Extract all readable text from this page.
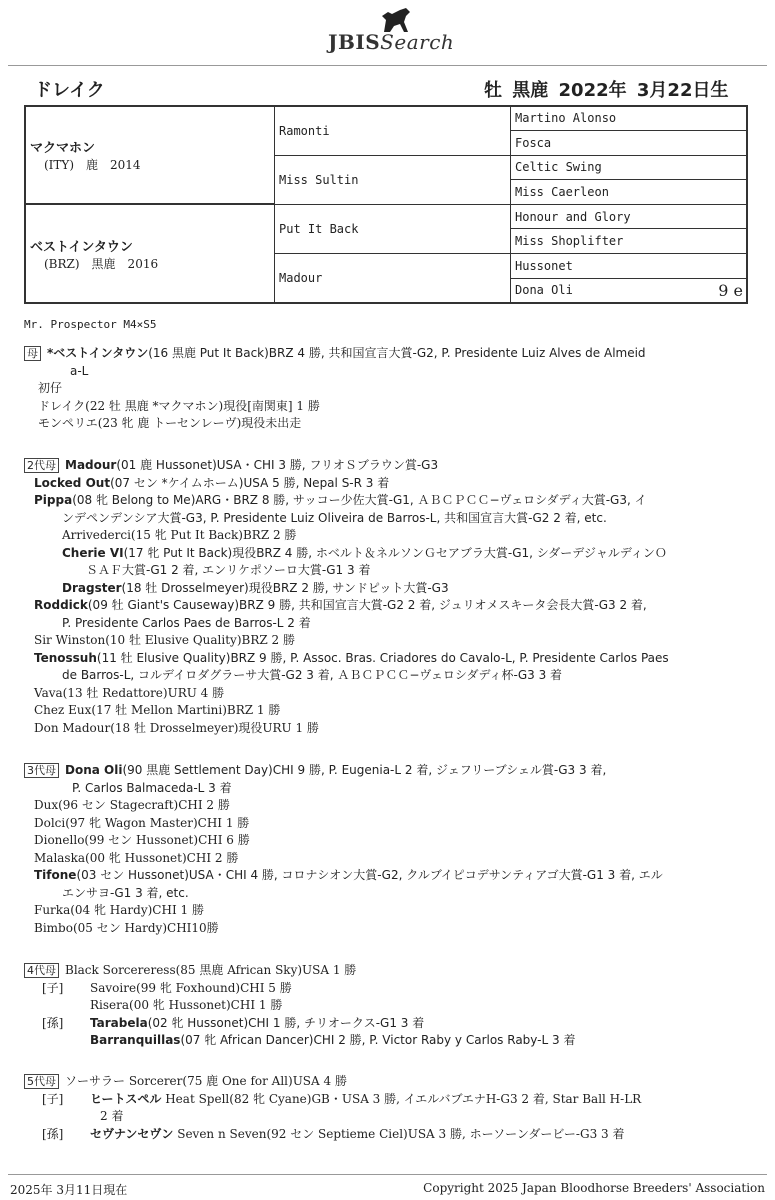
JBISSearch
ドレイク	牡 黒鹿 2022年 3月22日生
マクマホン
(ITY)　鹿　2014	Ramonti	Martino Alonso
		Fosca
	Miss Sultin	Celtic Swing
		Miss Caerleon

ベストインタウン
(BRZ)　黒鹿　2016	Put It Back	Honour and Glory
		Miss Shoplifter
	Madour	Hussonet
		Dona Oli 9 e
Mr. Prospector M4×S5
母 *ベストインタウン(16 黒鹿 Put It Back)BRZ 4 勝, 共和国宣言大賞-G2, P. Presidente Luiz Alves de Almeid
a-L
初仔
ドレイク(22 牡 黒鹿 *マクマホン)現役[南関東] 1 勝
モンペリエ(23 牝 鹿 トーセンレーヴ)現役未出走
2代母 Madour(01 鹿 Hussonet)USA・CHI 3 勝, フリオＳブラウン賞-G3
Locked Out(07 セン *ケイムホーム)USA 5 勝, Nepal S-R 3 着
Pippa(08 牝 Belong to Me)ARG・BRZ 8 勝, サッコー少佐大賞-G1, ＡＢＣＰＣＣ−ヴェロシダディ大賞-G3, イ
ンデペンデンシア大賞-G3, P. Presidente Luiz Oliveira de Barros-L, 共和国宣言大賞-G2 2 着, etc.
Arrivederci(15 牝 Put It Back)BRZ 2 勝
Cherie VI(17 牝 Put It Back)現役BRZ 4 勝, ホベルト＆ネルソンＧセアブラ大賞-G1, シダーデジャルディンＯ
ＳＡＦ大賞-G1 2 着, エンリケポソーロ大賞-G1 3 着
Dragster(18 牡 Drosselmeyer)現役BRZ 2 勝, サンドピット大賞-G3
Roddick(09 牡 Giant's Causeway)BRZ 9 勝, 共和国宣言大賞-G2 2 着, ジュリオメスキータ会長大賞-G3 2 着,
P. Presidente Carlos Paes de Barros-L 2 着
Sir Winston(10 牡 Elusive Quality)BRZ 2 勝
Tenossuh(11 牡 Elusive Quality)BRZ 9 勝, P. Assoc. Bras. Criadores do Cavalo-L, P. Presidente Carlos Paes
de Barros-L, コルデイロダグラーサ大賞-G2 3 着, ＡＢＣＰＣＣ−ヴェロシダディ杯-G3 3 着
Vava(13 牡 Redattore)URU 4 勝
Chez Eux(17 牡 Mellon Martini)BRZ 1 勝
Don Madour(18 牡 Drosselmeyer)現役URU 1 勝
3代母 Dona Oli(90 黒鹿 Settlement Day)CHI 9 勝, P. Eugenia-L 2 着, ジェフリーブシェル賞-G3 3 着,
P. Carlos Balmaceda-L 3 着
Dux(96 セン Stagecraft)CHI 2 勝
Dolci(97 牝 Wagon Master)CHI 1 勝
Dionello(99 セン Hussonet)CHI 6 勝
Malaska(00 牝 Hussonet)CHI 2 勝
Tifone(03 セン Hussonet)USA・CHI 4 勝, コロナシオン大賞-G2, クルブイピコデサンティアゴ大賞-G1 3 着, エル
エンサヨ-G1 3 着, etc.
Furka(04 牝 Hardy)CHI 1 勝
Bimbo(05 セン Hardy)CHI10勝
4代母 Black Sorcereress(85 黒鹿 African Sky)USA 1 勝
[子] Savoire(99 牝 Foxhound)CHI 5 勝
Risera(00 牝 Hussonet)CHI 1 勝
[孫] Tarabela(02 牝 Hussonet)CHI 1 勝, チリオークス-G1 3 着
Barranquillas(07 牝 African Dancer)CHI 2 勝, P. Victor Raby y Carlos Raby-L 3 着
5代母 ソーサラー Sorcerer(75 鹿 One for All)USA 4 勝
[子] ヒートスペル Heat Spell(82 牝 Cyane)GB・USA 3 勝, イエルバブエナH-G3 2 着, Star Ball H-LR
2 着
[孫] セヴナンセヴン Seven n Seven(92 セン Septieme Ciel)USA 3 勝, ホーソーンダービー-G3 3 着
2025年 3月11日現在	Copyright 2025 Japan Bloodhorse Breeders' Association
